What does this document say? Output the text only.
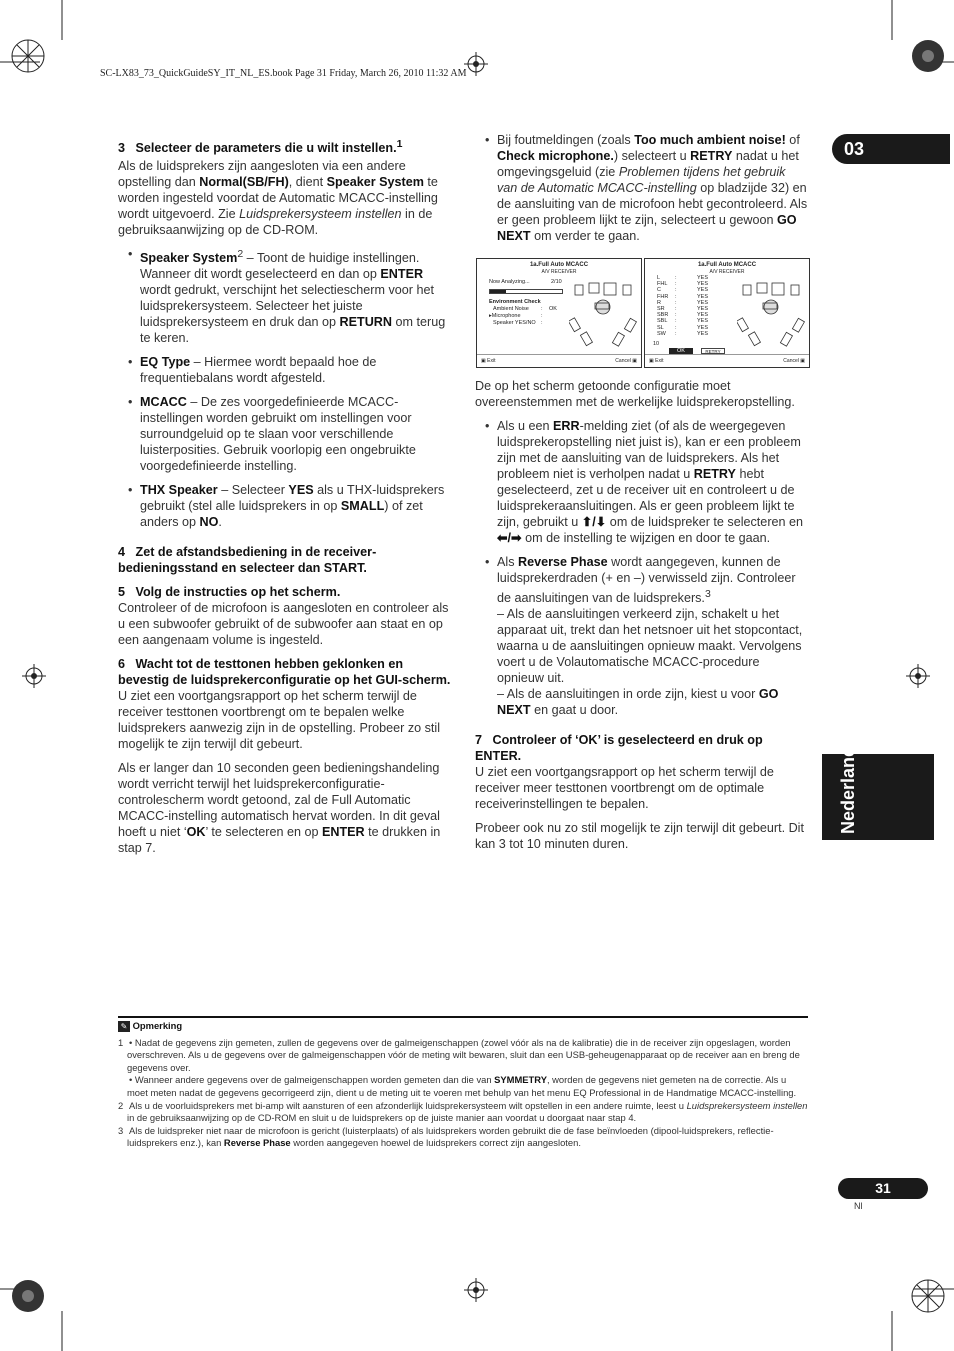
SC-LX83_73_QuickGuideSY_IT_NL_ES.book Page 31 Friday, March 26, 2010 11:32 AM
03
Nederlands

3 Selecteer de parameters die u wilt instellen.$^1$

Als de luidsprekers zijn aangesloten via een andere opstelling dan Normal(SB/FH), dient Speaker System te worden ingesteld voordat de Automatic MCACC-instelling wordt uitgevoerd. Zie Luidsprekersysteem instellen in de gebruiksaanwijzing op de CD-ROM.

• Speaker System$^2$ – Toont de huidige instellingen. Wanneer dit wordt geselecteerd en dan op ENTER wordt gedrukt, verschijnt het selectiescherm voor het luidsprekersysteem. Selecteer het juiste luidsprekersysteem en druk dan op RETURN om terug te keren.

• EQ Type – Hiermee wordt bepaald hoe de frequentiebalans wordt afgesteld.

• MCACC – De zes voorgedefinieerde MCACC-instellingen worden gebruikt om instellingen voor surroundgeluid op te slaan voor verschillende luisterposities. Gebruik voorlopig een ongebruikte voorgedefinieerde instelling.

• THX Speaker – Selecteer YES als u THX-luidsprekers gebruikt (stel alle luidsprekers in op SMALL) of zet anders op NO.

4 Zet de afstandsbediening in de receiver-bedieningsstand en selecteer dan START.

5 Volg de instructies op het scherm.

Controleer of de microfoon is aangesloten en controleer als u een subwoofer gebruikt of de subwoofer aan staat en op een aangenaam volume is ingesteld.

6 Wacht tot de testtonen hebben geklonken en bevestig de luidsprekerconfiguratie op het GUI-scherm.

U ziet een voortgangsrapport op het scherm terwijl de receiver testtonen voortbrengt om te bepalen welke luidsprekers aanwezig zijn in de opstelling. Probeer zo stil mogelijk te zijn terwijl dit gebeurt.

Als er langer dan 10 seconden geen bedieningshandeling wordt verricht terwijl het luidsprekerconfiguratie-controlescherm wordt getoond, zal de Full Automatic MCACC-instelling automatisch hervat worden. In dit geval hoeft u niet ‘OK’ te selecteren en op ENTER te drukken in stap 7.

• Bij foutmeldingen (zoals Too much ambient noise! of Check microphone.) selecteert u RETRY nadat u het omgevingsgeluid (zie Problemen tijdens het gebruik van de Automatic MCACC-instelling op bladzijde 32) en de aansluiting van de microfoon hebt gecontroleerd. Als er geen probleem lijkt te zijn, selecteert u gewoon GO NEXT om verder te gaan.

1a.Full Auto MCACC
A/V RECEIVER
Now Analyzing...	2/10
Environment Check
Ambient Noise : OK
▸Microphone	:
Speaker YES/NO :
▣ Exit	Cancel ▣
1a.Full Auto MCACC
A/V RECEIVER
L	:	YES
FHL :	YES
C	:	YES
FHR :	YES
R	:	YES
SR :	YES
SBR :	YES
SBL :	YES
SL :	YES
SW :	YES
10
OK	RETRY
▣ Exit	Cancel ▣

De op het scherm getoonde configuratie moet overeenstemmen met de werkelijke luidsprekeropstelling.

• Als u een ERR-melding ziet (of als de weergegeven luidsprekeropstelling niet juist is), kan er een probleem zijn met de aansluiting van de luidsprekers. Als het probleem niet is verholpen nadat u RETRY hebt geselecteerd, zet u de receiver uit en controleert u de luidsprekeraansluitingen. Als er geen probleem lijkt te zijn, gebruikt u ⬆/⬇ om de luidspreker te selecteren en ⬅/➡ om de instelling te wijzigen en door te gaan.

• Als Reverse Phase wordt aangegeven, kunnen de luidsprekerdraden (+ en –) verwisseld zijn. Controleer de aansluitingen van de luidsprekers.$^3$
– Als de aansluitingen verkeerd zijn, schakelt u het apparaat uit, trekt dan het netsnoer uit het stopcontact, waarna u de aansluitingen opnieuw maakt. Vervolgens voert u de Volautomatische MCACC-procedure opnieuw uit.
– Als de aansluitingen in orde zijn, kiest u voor GO NEXT en gaat u door.

7 Controleer of ‘OK’ is geselecteerd en druk op ENTER.

U ziet een voortgangsrapport op het scherm terwijl de receiver meer testtonen voortbrengt om de optimale receiverinstellingen te bepalen.

Probeer ook nu zo stil mogelijk te zijn terwijl dit gebeurt. Dit kan 3 tot 10 minuten duren.

✎ Opmerking

1 • Nadat de gegevens zijn gemeten, zullen de gegevens over de galmeigenschappen (zowel vóór als na de kalibratie) die in de receiver zijn opgeslagen, worden overschreven. Als u de gegevens over de galmeigenschappen vóór de meting wilt bewaren, sluit dan een USB-geheugenapparaat op de receiver aan en breng de gegevens over.

• Wanneer andere gegevens over de galmeigenschappen worden gemeten dan die van SYMMETRY, worden de gegevens niet gemeten na de correctie. Als u moet meten nadat de gegevens gecorrigeerd zijn, dient u de meting uit te voeren met behulp van het menu EQ Professional in de Handmatige MCACC-instelling.

2 Als u de voorluidsprekers met bi-amp wilt aansturen of een afzonderlijk luidsprekersysteem wilt opstellen in een andere ruimte, leest u Luidsprekersysteem instellen in de gebruiksaanwijzing op de CD-ROM en sluit u de luidsprekers op de juiste manier aan voordat u doorgaat naar stap 4.

3 Als de luidspreker niet naar de microfoon is gericht (luisterplaats) of als luidsprekers worden gebruikt die de fase beïnvloeden (dipool-luidsprekers, reflectie-luidsprekers enz.), kan Reverse Phase worden aangegeven hoewel de luidsprekers correct zijn aangesloten.

31
Nl
